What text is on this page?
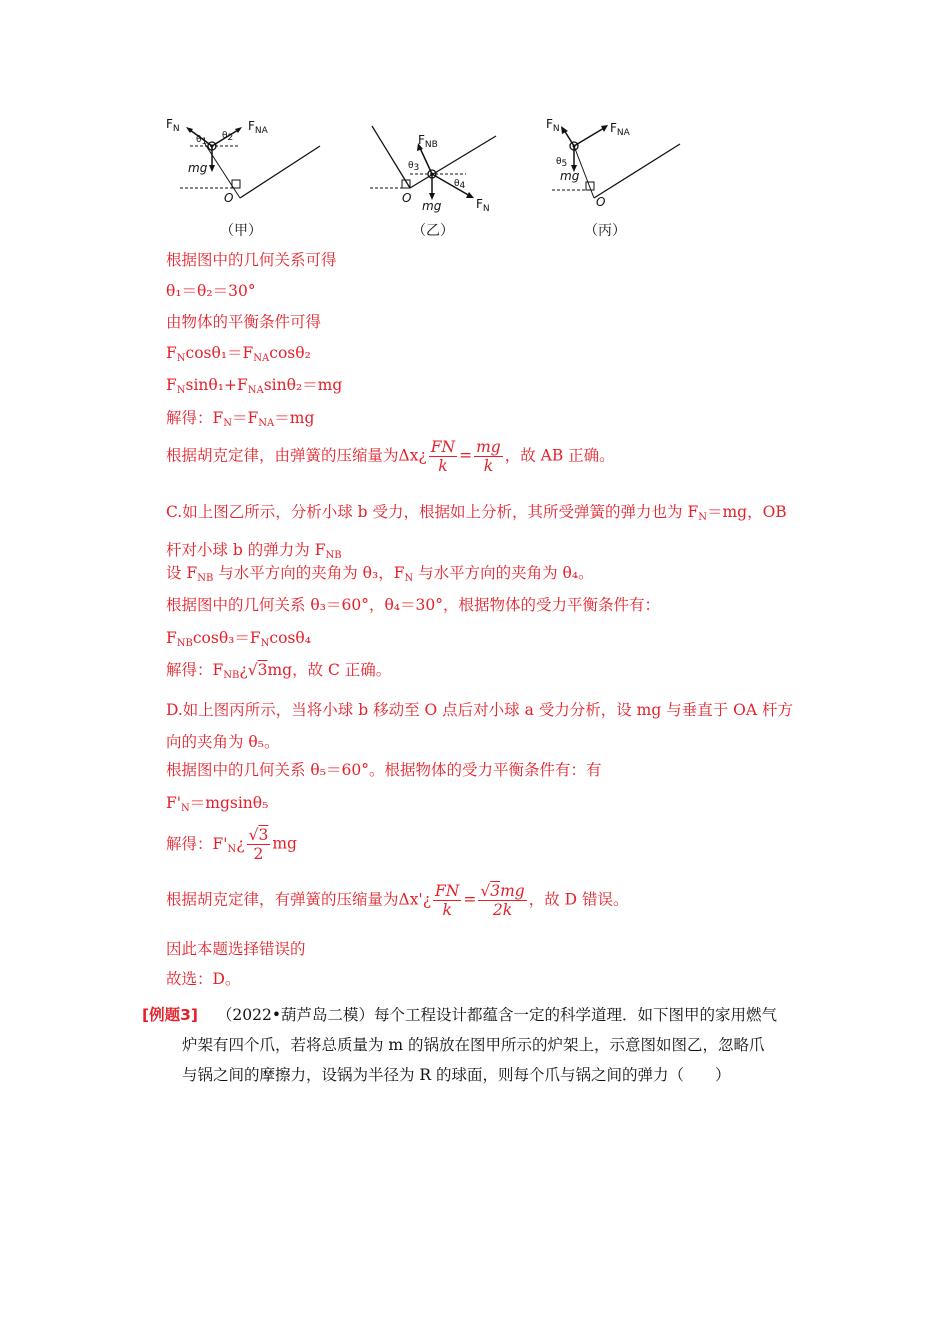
$F_N$	$F_{NA}$
mg
O
θ1
θ2
（甲）
$F_{NB}$
$F_N$
mg
O
θ3
θ4
（乙）
$F_N$	$F_{NA}$
mg
O
θ5
（丙）
根据图中的几何关系可得
θ₁＝θ₂＝30°
由物体的平衡条件可得
$F_N\cos\theta_1=F_{NA}\cos\theta_2$
$F_N\sin\theta_1+F_{NA}\sin\theta_2=mg$
解得：$F_N=F_{NA}=mg$
根据胡克定律，由弹簧的压缩量为Δx¿ $\frac{FN}{k} = \frac{mg}{k}$ ，故 AB 正确。
C.如上图乙所示，分析小球 b 受力，根据如上分析，其所受弹簧的弹力也为 $F_N=mg$，OB 杆对小球 b 的弹力为 $F_{NB}$
设 $F_{NB}$ 与水平方向的夹角为 θ₃，$F_N$ 与水平方向的夹角为 θ₄。
根据图中的几何关系 θ₃＝60°，θ₄＝30°，根据物体的受力平衡条件有：
$F_{NB}\cos\theta_3=F_N\cos\theta_4$
解得：$F_{NB}¿√3mg$，故 C 正确。
D.如上图丙所示，当将小球 b 移动至 O 点后对小球 a 受力分析，设 mg 与垂直于 OA 杆方向的夹角为 θ₅。
根据图中的几何关系 θ₅＝60°。根据物体的受力平衡条件有：有
$F'_N=mgsin\theta_5$
解得：$F'_N¿ \frac{√3}{2}$ mg
根据胡克定律，有弹簧的压缩量为Δx'¿ $\frac{FN}{k} = \frac{√3mg}{2k}$ ，故 D 错误。
因此本题选择错误的
故选：D。
[例题3] （2022•葫芦岛二模）每个工程设计都蕴含一定的科学道理．如下图甲的家用燃气
炉架有四个爪，若将总质量为 m 的锅放在图甲所示的炉架上，示意图如图乙，忽略爪
与锅之间的摩擦力，设锅为半径为 R 的球面，则每个爪与锅之间的弹力（　　）
